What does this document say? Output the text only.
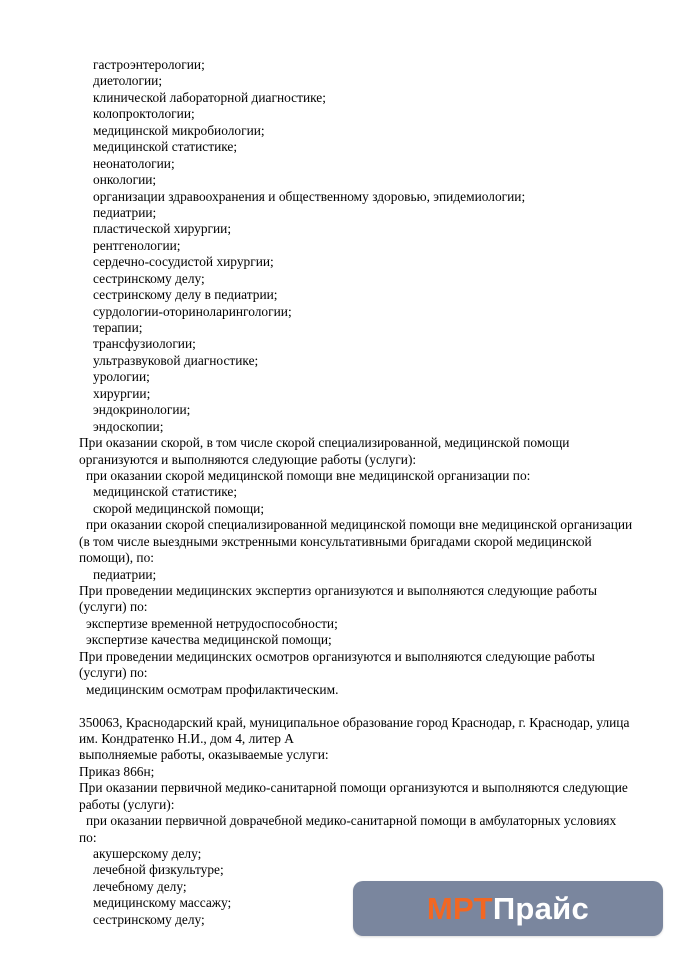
гастроэнтерологии;
диетологии;
клинической лабораторной диагностике;
колопроктологии;
медицинской микробиологии;
медицинской статистике;
неонатологии;
онкологии;
организации здравоохранения и общественному здоровью, эпидемиологии;
педиатрии;
пластической хирургии;
рентгенологии;
сердечно-сосудистой хирургии;
сестринскому делу;
сестринскому делу в педиатрии;
сурдологии-оториноларингологии;
терапии;
трансфузиологии;
ультразвуковой диагностике;
урологии;
хирургии;
эндокринологии;
эндоскопии;
При оказании скорой, в том числе скорой специализированной, медицинской помощи
организуются и выполняются следующие работы (услуги):
при оказании скорой медицинской помощи вне медицинской организации по:
медицинской статистике;
скорой медицинской помощи;
при оказании скорой специализированной медицинской помощи вне медицинской организации
(в том числе выездными экстренными консультативными бригадами скорой медицинской
помощи), по:
педиатрии;
При проведении медицинских экспертиз организуются и выполняются следующие работы
(услуги) по:
экспертизе временной нетрудоспособности;
экспертизе качества медицинской помощи;
При проведении медицинских осмотров организуются и выполняются следующие работы
(услуги) по:
медицинским осмотрам профилактическим.
350063, Краснодарский край, муниципальное образование город Краснодар, г. Краснодар, улица
им. Кондратенко Н.И., дом 4, литер А
выполняемые работы, оказываемые услуги:
Приказ 866н;
При оказании первичной медико-санитарной помощи организуются и выполняются следующие
работы (услуги):
при оказании первичной доврачебной медико-санитарной помощи в амбулаторных условиях
по:
акушерскому делу;
лечебной физкультуре;
лечебному делу;
медицинскому массажу;
сестринскому делу;	МРТ Прайс
